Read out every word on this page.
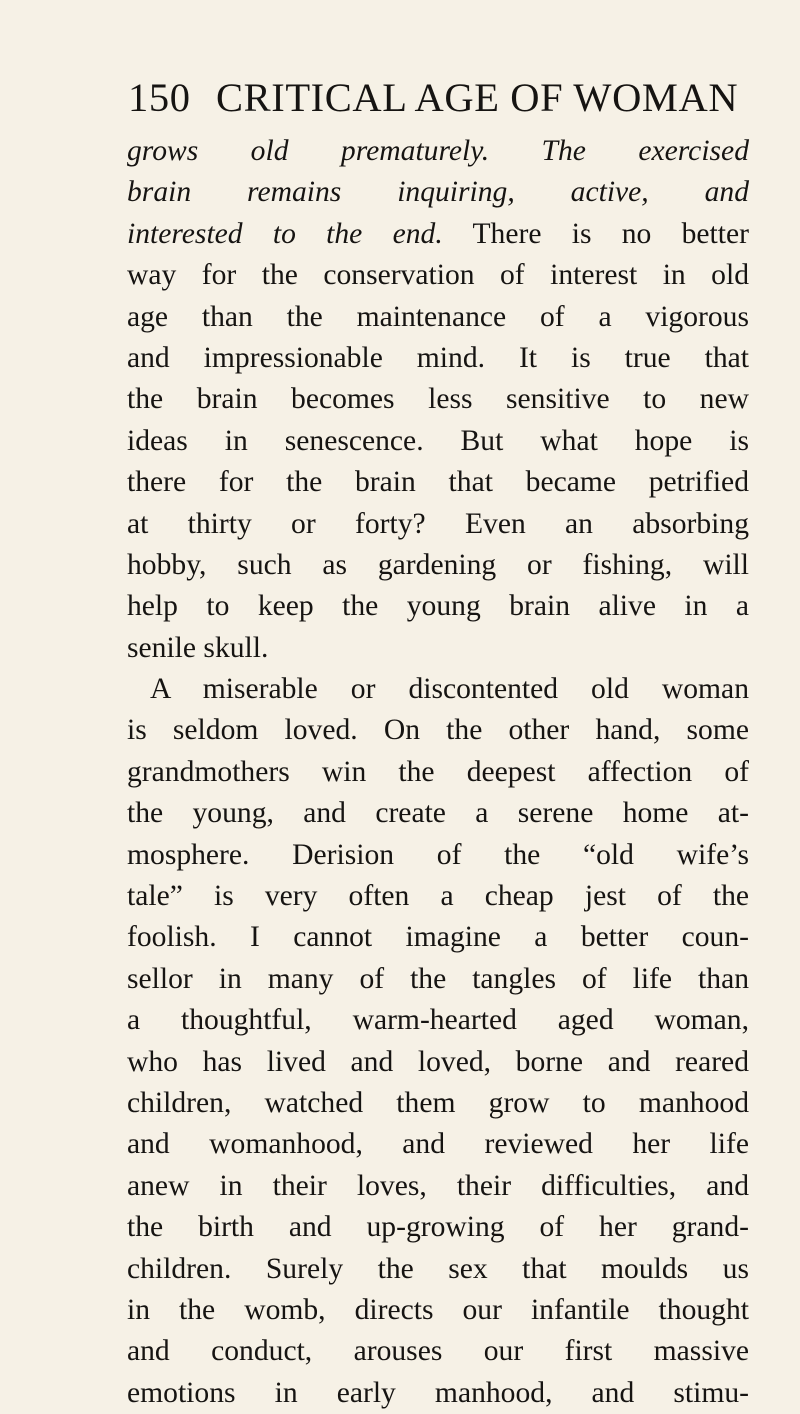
150 CRITICAL AGE OF WOMAN
grows old prematurely. The exercised
brain remains inquiring, active, and
interested to the end. There is no better
way for the conservation of interest in old
age than the maintenance of a vigorous
and impressionable mind. It is true that
the brain becomes less sensitive to new
ideas in senescence. But what hope is
there for the brain that became petrified
at thirty or forty? Even an absorbing
hobby, such as gardening or fishing, will
help to keep the young brain alive in a
senile skull.
A miserable or discontented old woman
is seldom loved. On the other hand, some
grandmothers win the deepest affection of
the young, and create a serene home at-
mosphere. Derision of the “old wife’s
tale” is very often a cheap jest of the
foolish. I cannot imagine a better coun-
sellor in many of the tangles of life than
a thoughtful, warm-hearted aged woman,
who has lived and loved, borne and reared
children, watched them grow to manhood
and womanhood, and reviewed her life
anew in their loves, their difficulties, and
the birth and up-growing of her grand-
children. Surely the sex that moulds us
in the womb, directs our infantile thought
and conduct, arouses our first massive
emotions in early manhood, and stimu-
